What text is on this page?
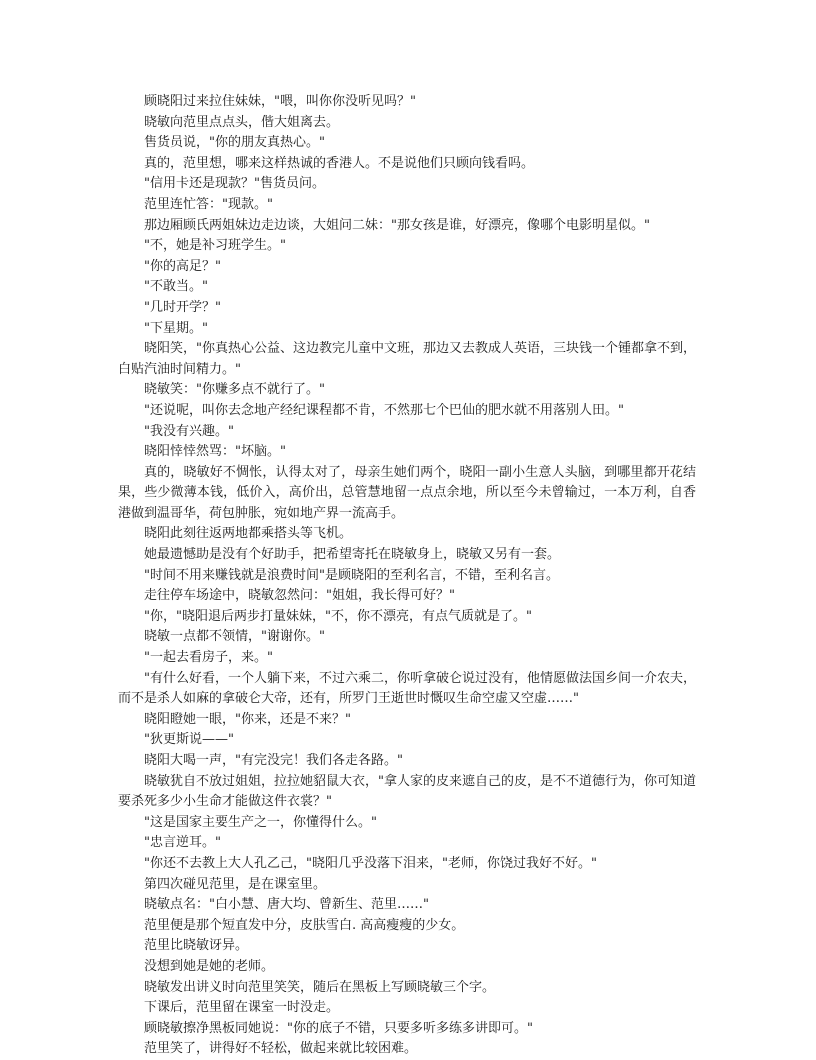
顾晓阳过来拉住妹妹，"喂，叫你你没听见吗？"

晓敏向范里点点头，偕大姐离去。

售货员说，"你的朋友真热心。"

真的，范里想，哪来这样热诚的香港人。不是说他们只顾向钱看吗。

"信用卡还是现款？"售货员问。

范里连忙答："现款。"

那边厢顾氏两姐妹边走边谈，大姐问二妹："那女孩是谁，好漂亮，像哪个电影明星似。"

"不，她是补习班学生。"

"你的高足？"

"不敢当。"

"几时开学？"

"下星期。"

晓阳笑，"你真热心公益、这边教完儿童中文班，那边又去教成人英语，三块钱一个锺都拿不到，白贴汽油时间精力。"

晓敏笑："你赚多点不就行了。"

"还说呢，叫你去念地产经纪课程都不肯，不然那七个巴仙的肥水就不用落别人田。"

"我没有兴趣。"

晓阳悻悻然骂："坏脑。"

真的，晓敏好不惆怅，认得太对了，母亲生她们两个，晓阳一副小生意人头脑，到哪里都开花结果，些少微薄本钱，低价入，高价出，总管慧地留一点点余地，所以至今未曾输过，一本万利，自香港做到温哥华，荷包肿胀，宛如地产界一流高手。

晓阳此刻往返两地都乘搭头等飞机。

她最遗憾助是没有个好助手，把希望寄托在晓敏身上，晓敏又另有一套。

"时间不用来赚钱就是浪费时间"是顾晓阳的至利名言，不错，至利名言。

走往停车场途中，晓敏忽然问："姐姐，我长得可好？"

"你，"晓阳退后两步打量妹妹，"不，你不漂亮，有点气质就是了。"

晓敏一点都不领情，"谢谢你。"

"一起去看房子，来。"

"有什么好看，一个人躺下来，不过六乘二，你听拿破仑说过没有，他情愿做法国乡间一介农夫，而不是杀人如麻的拿破仑大帝，还有，所罗门王逝世时慨叹生命空虚又空虚……"

晓阳瞪她一眼，"你来，还是不来？"

"狄更斯说——"

晓阳大喝一声，"有完没完！我们各走各路。"

晓敏犹自不放过姐姐，拉拉她貂鼠大衣，"拿人家的皮来遮自己的皮，是不不道德行为，你可知道要杀死多少小生命才能做这件衣裳？"

"这是国家主要生产之一，你懂得什么。"

"忠言逆耳。"

"你还不去教上大人孔乙己，"晓阳几乎没落下泪来，"老师，你饶过我好不好。"

第四次碰见范里，是在课室里。

晓敏点名："白小慧、唐大均、曾新生、范里……"

范里便是那个短直发中分，皮肤雪白. 高高瘦瘦的少女。

范里比晓敏讶异。

没想到她是她的老师。

晓敏发出讲义时向范里笑笑，随后在黑板上写顾晓敏三个字。

下课后，范里留在课室一时没走。

顾晓敏擦净黑板同她说："你的底子不错，只要多听多练多讲即可。"

范里笑了，讲得好不轻松，做起来就比较困难。
